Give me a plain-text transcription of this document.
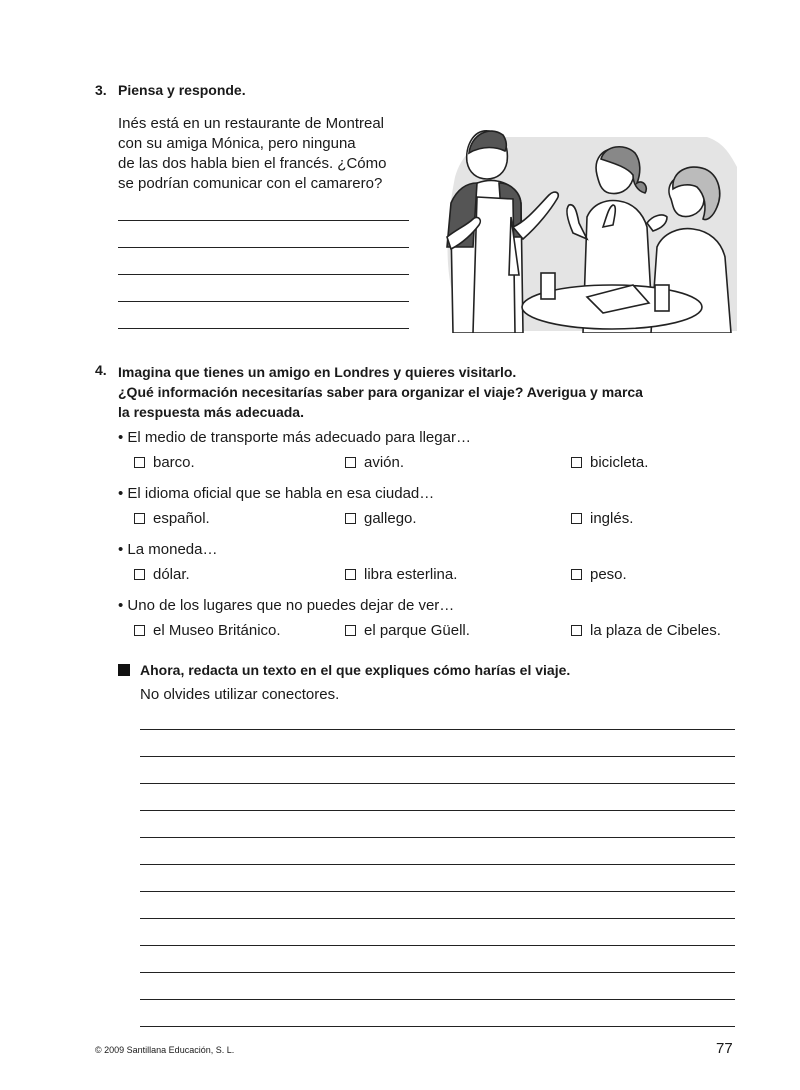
3. Piensa y responde.
Inés está en un restaurante de Montreal
con su amiga Mónica, pero ninguna
de las dos habla bien el francés. ¿Cómo
se podrían comunicar con el camarero?
4. Imagina que tienes un amigo en Londres y quieres visitarlo.
¿Qué información necesitarías saber para organizar el viaje? Averigua y marca
la respuesta más adecuada.
• El medio de transporte más adecuado para llegar…
barco.	avión.	bicicleta.
• El idioma oficial que se habla en esa ciudad…
español.	gallego.	inglés.
• La moneda…
dólar.	libra esterlina.	peso.
• Uno de los lugares que no puedes dejar de ver…
el Museo Británico.	el parque Güell.	la plaza de Cibeles.
Ahora, redacta un texto en el que expliques cómo harías el viaje.
No olvides utilizar conectores.
© 2009 Santillana Educación, S. L.	77
